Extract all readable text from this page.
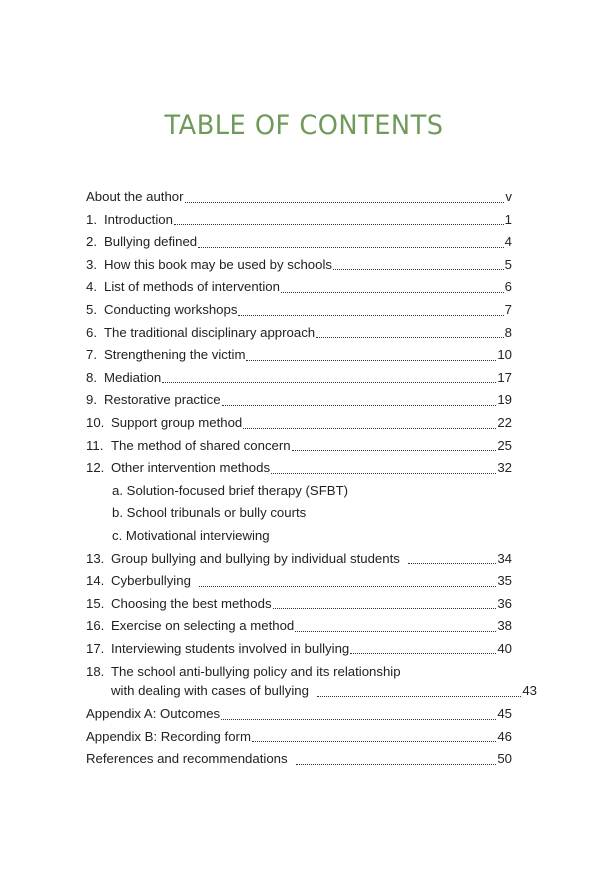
TABLE OF CONTENTS
About the author	v
1. Introduction	1
2. Bullying defined	4
3. How this book may be used by schools	5
4. List of methods of intervention	6
5. Conducting workshops	7
6. The traditional disciplinary approach	8
7. Strengthening the victim	10
8. Mediation	17
9. Restorative practice	19
10. Support group method	22
11. The method of shared concern	25
12. Other intervention methods	32
a. Solution-focused brief therapy (SFBT)
b. School tribunals or bully courts
c. Motivational interviewing
13. Group bullying and bullying by individual students	34
14. Cyberbullying	35
15. Choosing the best methods	36
16. Exercise on selecting a method	38
17. Interviewing students involved in bullying	40
18. The school anti-bullying policy and its relationship
with dealing with cases of bullying	43
Appendix A: Outcomes	45
Appendix B: Recording form	46
References and recommendations	50
